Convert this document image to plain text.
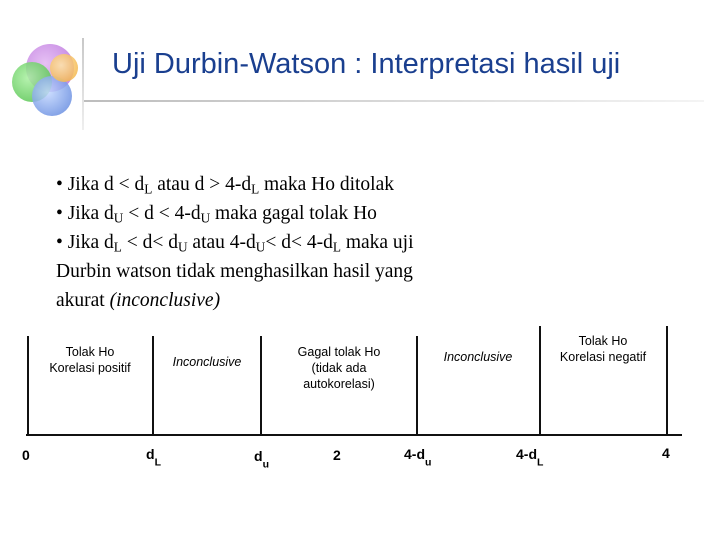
Uji Durbin-Watson : Interpretasi hasil uji

• Jika $d < d_L$ atau $d > 4-d_L$ maka Ho ditolak

• Jika $d_U < d < 4-d_U$ maka gagal tolak Ho

• Jika $d_L < d< d_U$ atau $4-d_U< d< 4-d_L$ maka uji

Durbin watson tidak menghasilkan hasil yang

akurat (inconclusive)

Tolak Ho
Korelasi positif	Inconclusive
Gagal tolak Ho
(tidak ada
autokorelasi)
Inconclusive
Tolak Ho
Korelasi negatif
0	$d_L$	$d_u$
2	$4-d_u$
$4-d_L$
4
